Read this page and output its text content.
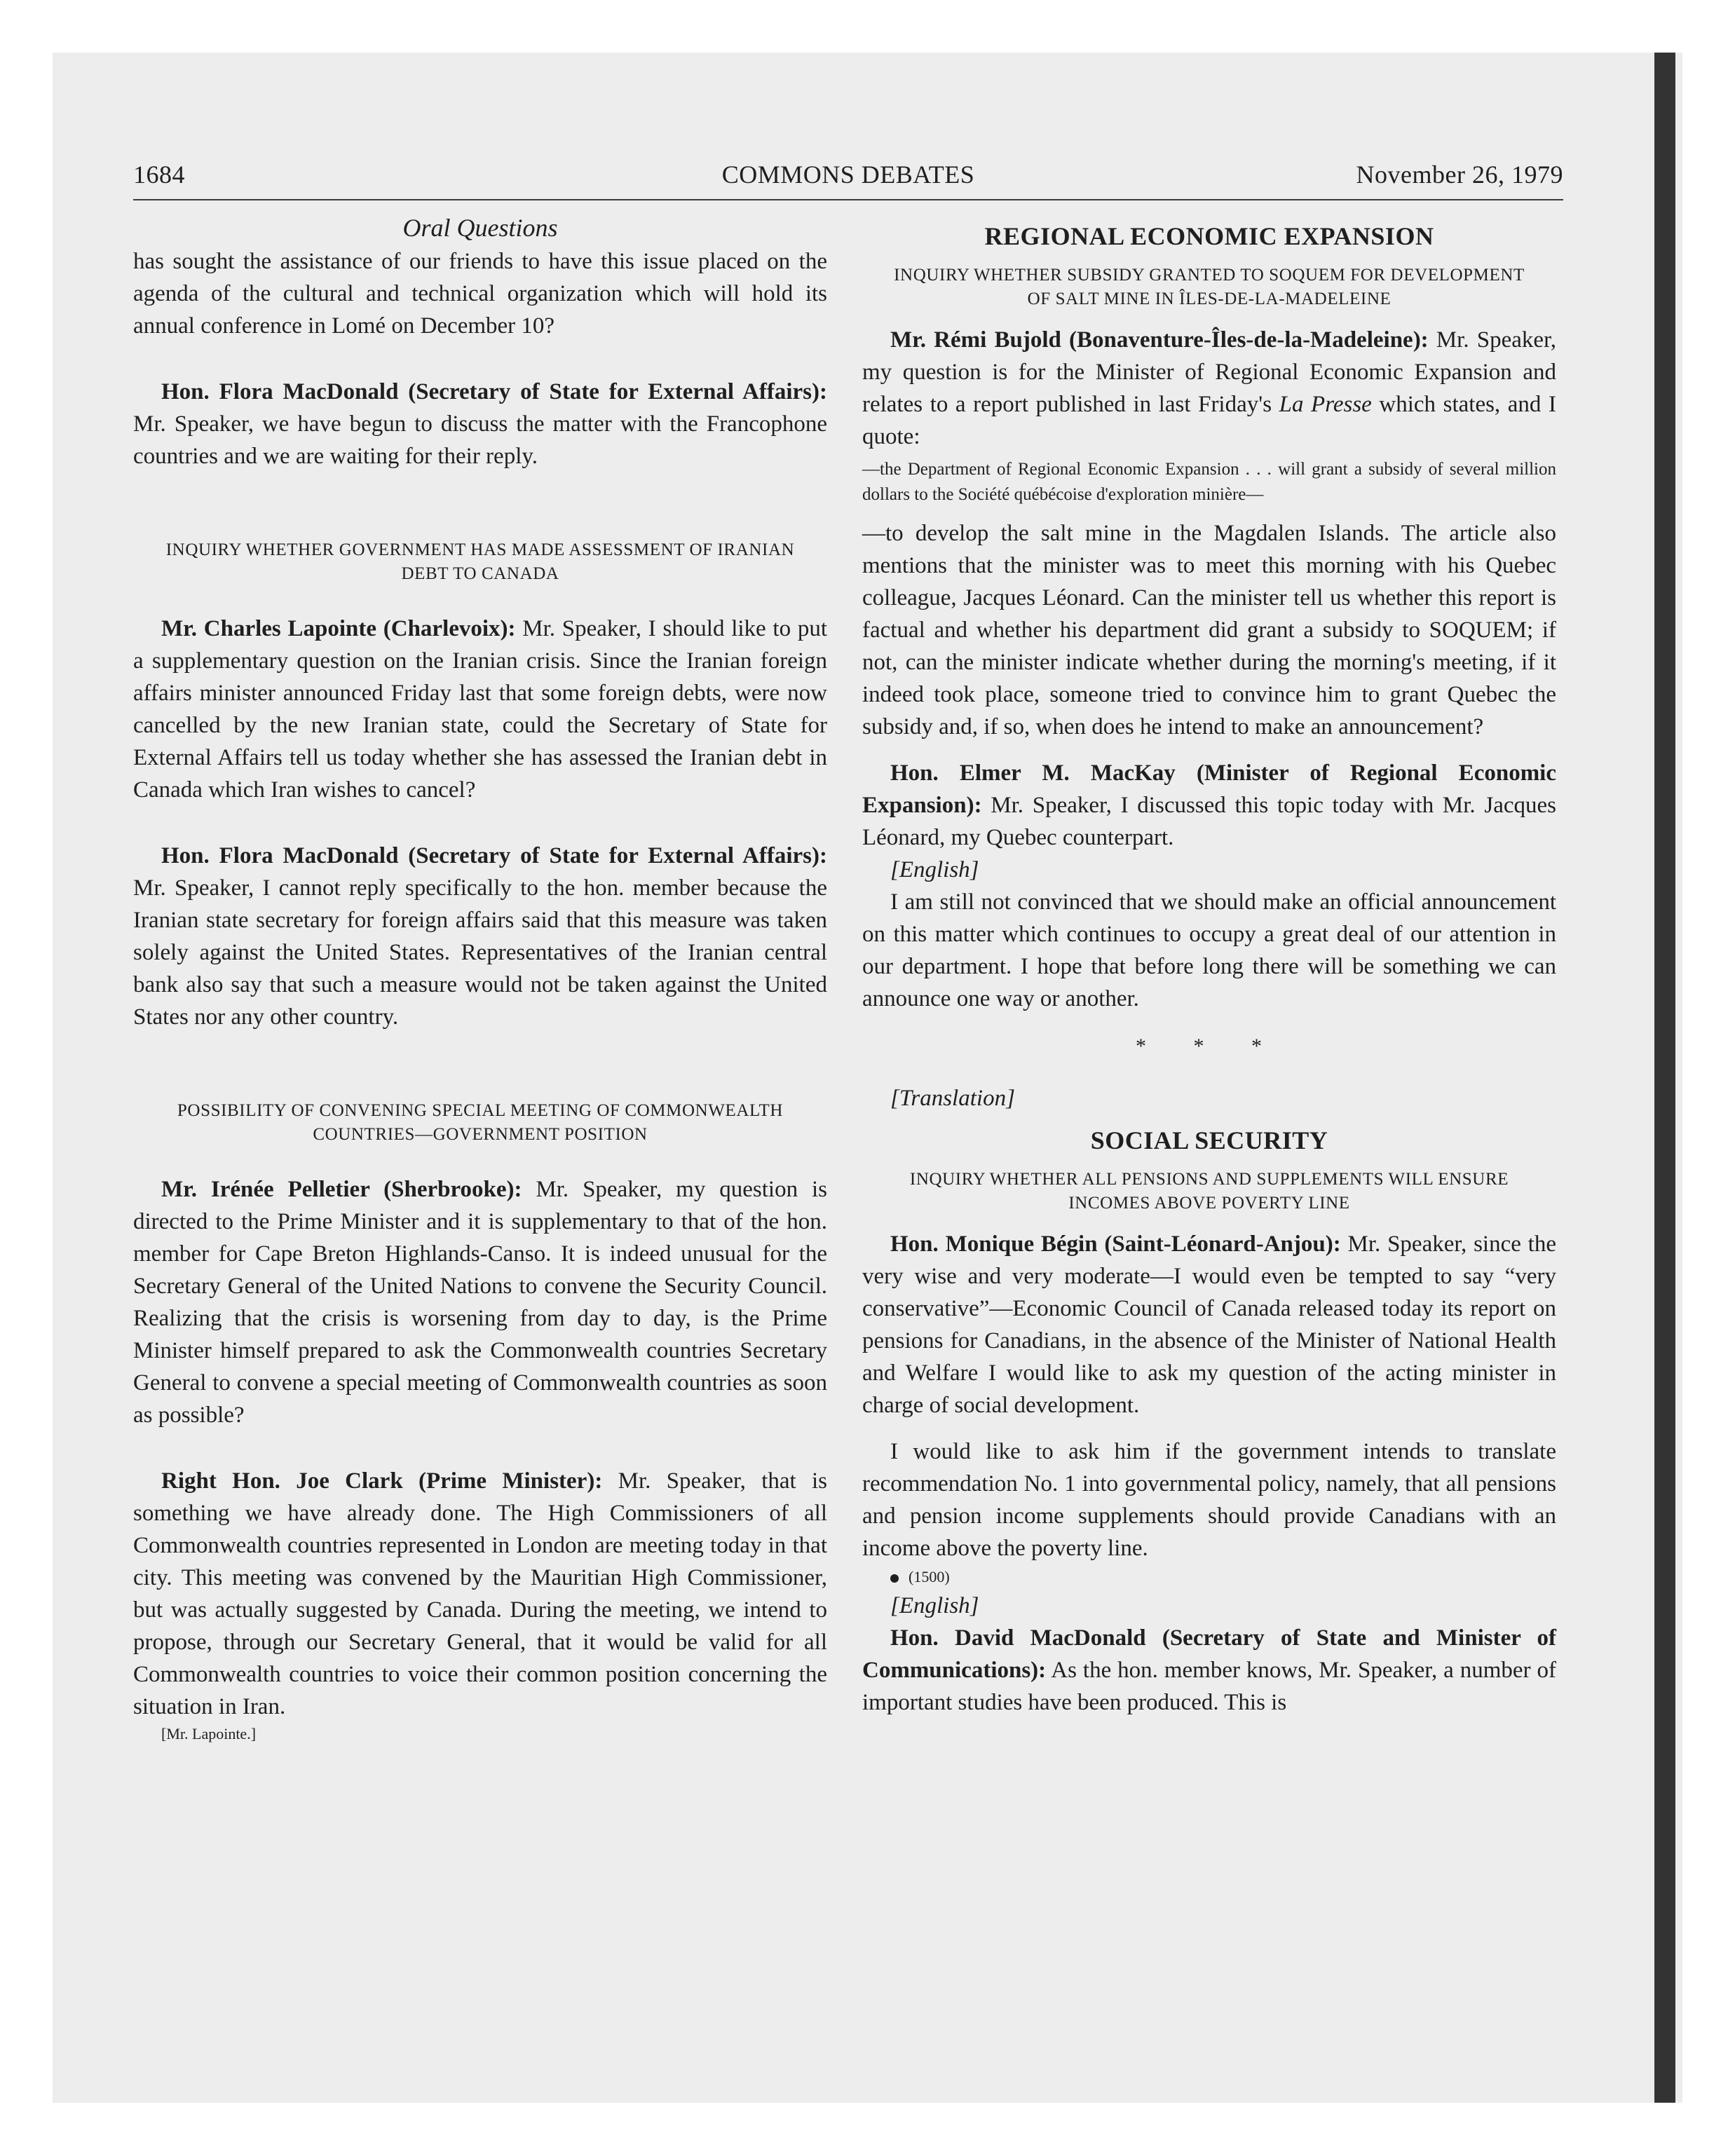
1684	COMMONS DEBATES	November 26, 1979
Oral Questions

has sought the assistance of our friends to have this issue placed on the agenda of the cultural and technical organization which will hold its annual conference in Lomé on December 10?

Hon. Flora MacDonald (Secretary of State for External Affairs): Mr. Speaker, we have begun to discuss the matter with the Francophone countries and we are waiting for their reply.

INQUIRY WHETHER GOVERNMENT HAS MADE ASSESSMENT OF IRANIAN DEBT TO CANADA

Mr. Charles Lapointe (Charlevoix): Mr. Speaker, I should like to put a supplementary question on the Iranian crisis. Since the Iranian foreign affairs minister announced Friday last that some foreign debts, were now cancelled by the new Iranian state, could the Secretary of State for External Affairs tell us today whether she has assessed the Iranian debt in Canada which Iran wishes to cancel?

Hon. Flora MacDonald (Secretary of State for External Affairs): Mr. Speaker, I cannot reply specifically to the hon. member because the Iranian state secretary for foreign affairs said that this measure was taken solely against the United States. Representatives of the Iranian central bank also say that such a measure would not be taken against the United States nor any other country.

POSSIBILITY OF CONVENING SPECIAL MEETING OF COMMONWEALTH COUNTRIES—GOVERNMENT POSITION

Mr. Irénée Pelletier (Sherbrooke): Mr. Speaker, my question is directed to the Prime Minister and it is supplementary to that of the hon. member for Cape Breton Highlands-Canso. It is indeed unusual for the Secretary General of the United Nations to convene the Security Council. Realizing that the crisis is worsening from day to day, is the Prime Minister himself prepared to ask the Commonwealth countries Secretary General to convene a special meeting of Commonwealth countries as soon as possible?

Right Hon. Joe Clark (Prime Minister): Mr. Speaker, that is something we have already done. The High Commissioners of all Commonwealth countries represented in London are meeting today in that city. This meeting was convened by the Mauritian High Commissioner, but was actually suggested by Canada. During the meeting, we intend to propose, through our Secretary General, that it would be valid for all Commonwealth countries to voice their common position concerning the situation in Iran.

[Mr. Lapointe.]

REGIONAL ECONOMIC EXPANSION
INQUIRY WHETHER SUBSIDY GRANTED TO SOQUEM FOR DEVELOPMENT OF SALT MINE IN ÎLES-DE-LA-MADELEINE

Mr. Rémi Bujold (Bonaventure-Îles-de-la-Madeleine): Mr. Speaker, my question is for the Minister of Regional Economic Expansion and relates to a report published in last Friday's La Presse which states, and I quote:

—the Department of Regional Economic Expansion . . . will grant a subsidy of several million dollars to the Société québécoise d'exploration minière—

—to develop the salt mine in the Magdalen Islands. The article also mentions that the minister was to meet this morning with his Quebec colleague, Jacques Léonard. Can the minister tell us whether this report is factual and whether his department did grant a subsidy to SOQUEM; if not, can the minister indicate whether during the morning's meeting, if it indeed took place, someone tried to convince him to grant Quebec the subsidy and, if so, when does he intend to make an announcement?

Hon. Elmer M. MacKay (Minister of Regional Economic Expansion): Mr. Speaker, I discussed this topic today with Mr. Jacques Léonard, my Quebec counterpart.

[English]

I am still not convinced that we should make an official announcement on this matter which continues to occupy a great deal of our attention in our department. I hope that before long there will be something we can announce one way or another.

* * *

[Translation]

SOCIAL SECURITY
INQUIRY WHETHER ALL PENSIONS AND SUPPLEMENTS WILL ENSURE INCOMES ABOVE POVERTY LINE

Hon. Monique Bégin (Saint-Léonard-Anjou): Mr. Speaker, since the very wise and very moderate—I would even be tempted to say “very conservative”—Economic Council of Canada released today its report on pensions for Canadians, in the absence of the Minister of National Health and Welfare I would like to ask my question of the acting minister in charge of social development.

I would like to ask him if the government intends to translate recommendation No. 1 into governmental policy, namely, that all pensions and pension income supplements should provide Canadians with an income above the poverty line.

(1500)

[English]

Hon. David MacDonald (Secretary of State and Minister of Communications): As the hon. member knows, Mr. Speaker, a number of important studies have been produced. This is
